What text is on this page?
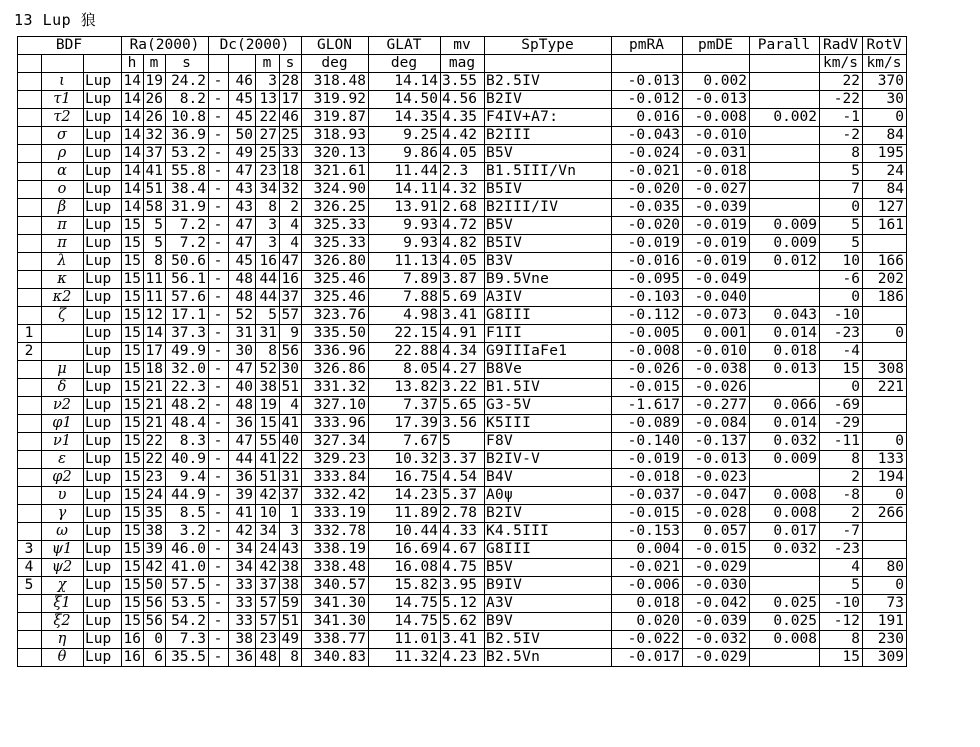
13 Lup 狼
BDF			Ra(2000)			Dc(2000)				GLON	GLAT	mv	SpType	pmRA	pmDE	Parall	RadV	RotV
			h	m	s			m	s	deg	deg	mag					km/s	km/s
	ι	Lup	14	19	24.2	-	46	3	28	318.48	14.14	3.55	B2.5IV	-0.013	0.002		22	370
	τ1	Lup	14	26	8.2	-	45	13	17	319.92	14.50	4.56	B2IV	-0.012	-0.013		-22	30
	τ2	Lup	14	26	10.8	-	45	22	46	319.87	14.35	4.35	F4IV+A7:	0.016	-0.008	0.002	-1	0
	σ	Lup	14	32	36.9	-	50	27	25	318.93	9.25	4.42	B2III	-0.043	-0.010		-2	84
	ρ	Lup	14	37	53.2	-	49	25	33	320.13	9.86	4.05	B5V	-0.024	-0.031		8	195
	α	Lup	14	41	55.8	-	47	23	18	321.61	11.44	2.3	B1.5III/Vn	-0.021	-0.018		5	24
	ο	Lup	14	51	38.4	-	43	34	32	324.90	14.11	4.32	B5IV	-0.020	-0.027		7	84
	β	Lup	14	58	31.9	-	43	8	2	326.25	13.91	2.68	B2III/IV	-0.035	-0.039		0	127
	π	Lup	15	5	7.2	-	47	3	4	325.33	9.93	4.72	B5V	-0.020	-0.019	0.009	5	161
	π	Lup	15	5	7.2	-	47	3	4	325.33	9.93	4.82	B5IV	-0.019	-0.019	0.009	5	
	λ	Lup	15	8	50.6	-	45	16	47	326.80	11.13	4.05	B3V	-0.016	-0.019	0.012	10	166
	κ	Lup	15	11	56.1	-	48	44	16	325.46	7.89	3.87	B9.5Vne	-0.095	-0.049		-6	202
	κ2	Lup	15	11	57.6	-	48	44	37	325.46	7.88	5.69	A3IV	-0.103	-0.040		0	186
	ζ	Lup	15	12	17.1	-	52	5	57	323.76	4.98	3.41	G8III	-0.112	-0.073	0.043	-10	
1		Lup	15	14	37.3	-	31	31	9	335.50	22.15	4.91	F1II	-0.005	0.001	0.014	-23	0
2		Lup	15	17	49.9	-	30	8	56	336.96	22.88	4.34	G9IIIaFe1	-0.008	-0.010	0.018	-4	
	μ	Lup	15	18	32.0	-	47	52	30	326.86	8.05	4.27	B8Ve	-0.026	-0.038	0.013	15	308
	δ	Lup	15	21	22.3	-	40	38	51	331.32	13.82	3.22	B1.5IV	-0.015	-0.026		0	221
	ν2	Lup	15	21	48.2	-	48	19	4	327.10	7.37	5.65	G3-5V	-1.617	-0.277	0.066	-69	
	φ1	Lup	15	21	48.4	-	36	15	41	333.96	17.39	3.56	K5III	-0.089	-0.084	0.014	-29	
	ν1	Lup	15	22	8.3	-	47	55	40	327.34	7.67	5	F8V	-0.140	-0.137	0.032	-11	0
	ε	Lup	15	22	40.9	-	44	41	22	329.23	10.32	3.37	B2IV-V	-0.019	-0.013	0.009	8	133
	φ2	Lup	15	23	9.4	-	36	51	31	333.84	16.75	4.54	B4V	-0.018	-0.023		2	194
	υ	Lup	15	24	44.9	-	39	42	37	332.42	14.23	5.37	A0ψ	-0.037	-0.047	0.008	-8	0
	γ	Lup	15	35	8.5	-	41	10	1	333.19	11.89	2.78	B2IV	-0.015	-0.028	0.008	2	266
	ω	Lup	15	38	3.2	-	42	34	3	332.78	10.44	4.33	K4.5III	-0.153	0.057	0.017	-7	
3	ψ1	Lup	15	39	46.0	-	34	24	43	338.19	16.69	4.67	G8III	0.004	-0.015	0.032	-23	
4	ψ2	Lup	15	42	41.0	-	34	42	38	338.48	16.08	4.75	B5V	-0.021	-0.029		4	80
5	χ	Lup	15	50	57.5	-	33	37	38	340.57	15.82	3.95	B9IV	-0.006	-0.030		5	0
	ξ1	Lup	15	56	53.5	-	33	57	59	341.30	14.75	5.12	A3V	0.018	-0.042	0.025	-10	73
	ξ2	Lup	15	56	54.2	-	33	57	51	341.30	14.75	5.62	B9V	0.020	-0.039	0.025	-12	191
	η	Lup	16	0	7.3	-	38	23	49	338.77	11.01	3.41	B2.5IV	-0.022	-0.032	0.008	8	230
	θ	Lup	16	6	35.5	-	36	48	8	340.83	11.32	4.23	B2.5Vn	-0.017	-0.029		15	309
